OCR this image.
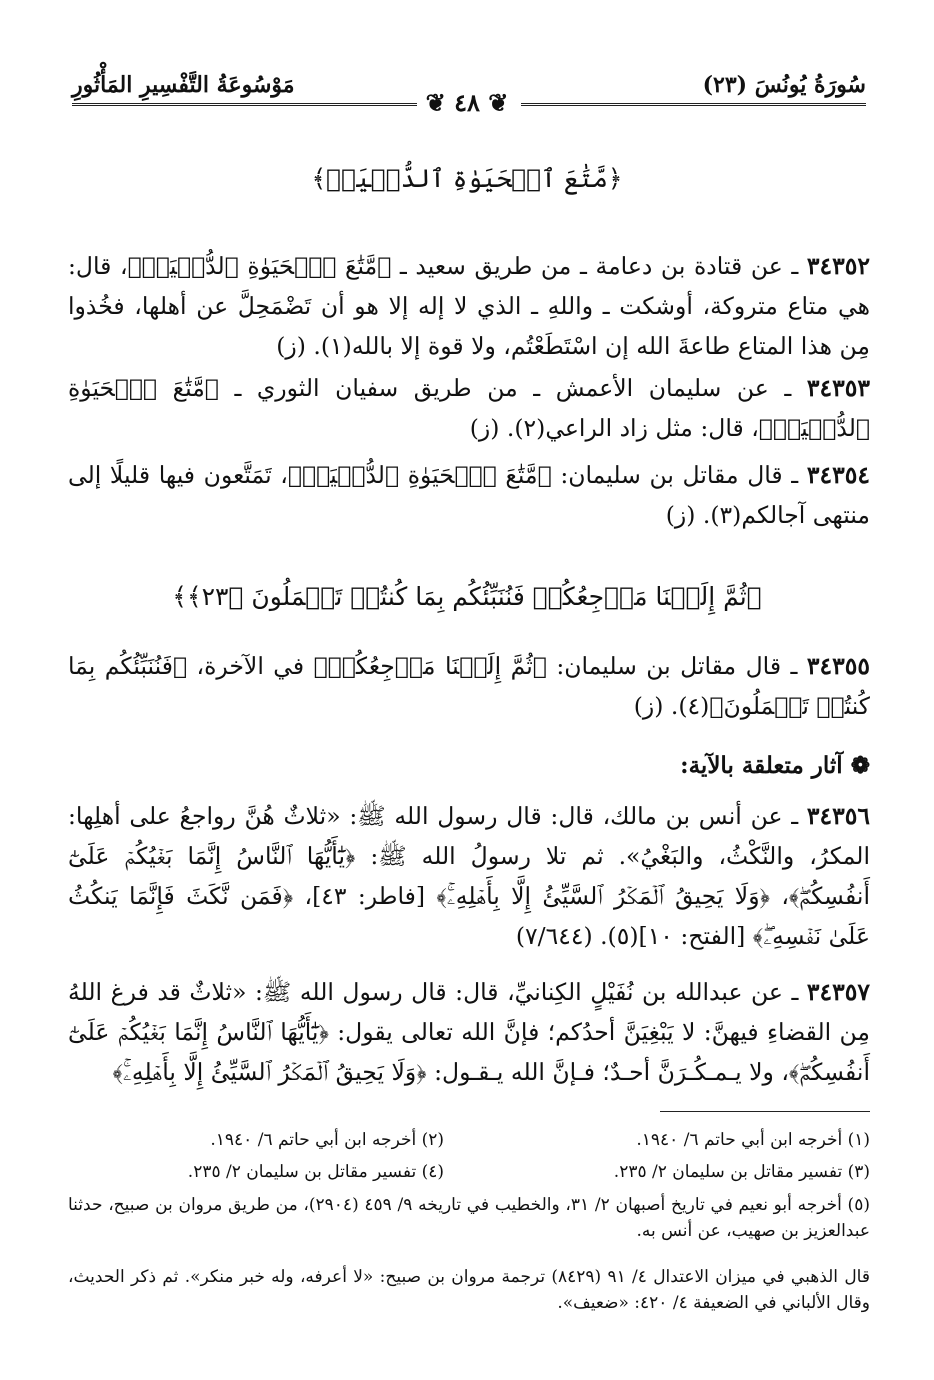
سُورَةُ يُونُسَ (٢٣)
مَوْسُوعَةُ التَّفْسِيرِ المَأْثُورِ
❦ ٤٨ ❦
﴿مَّتَٰعَ ٱلۡحَيَوٰةِ ٱلدُّنۡيَاۖ﴾
٣٤٣٥٢ ـ عن قتادة بن دعامة ـ من طريق سعيد ـ ﴿مَّتَٰعَ ٱلۡحَيَوٰةِ ٱلدُّنۡيَاۖ﴾، قال: هي متاع متروكة، أوشكت ـ واللهِ ـ الذي لا إله إلا هو أن تَضْمَحِلَّ عن أهلها، فخُذوا مِن هذا المتاع طاعةَ الله إن اسْتَطَعْتُم، ولا قوة إلا بالله(١). (ز)
٣٤٣٥٣ ـ عن سليمان الأعمش ـ من طريق سفيان الثوري ـ ﴿مَّتَٰعَ ٱلۡحَيَوٰةِ ٱلدُّنۡيَاۖ﴾، قال: مثل زاد الراعي(٢). (ز)
٣٤٣٥٤ ـ قال مقاتل بن سليمان: ﴿مَّتَٰعَ ٱلۡحَيَوٰةِ ٱلدُّنۡيَاۖ﴾، تَمَتَّعون فيها قليلًا إلى منتهى آجالكم(٣). (ز)
﴿ثُمَّ إِلَيۡنَا مَرۡجِعُكُمۡ فَنُنَبِّئُكُم بِمَا كُنتُمۡ تَعۡمَلُونَ ﴿٢٣﴾﴾
٣٤٣٥٥ ـ قال مقاتل بن سليمان: ﴿ثُمَّ إِلَيۡنَا مَرۡجِعُكُمۡ﴾ في الآخرة، ﴿فَنُنَبِّئُكُم بِمَا كُنتُمۡ تَعۡمَلُونَ﴾(٤). (ز)
❁ آثار متعلقة بالآية:
٣٤٣٥٦ ـ عن أنس بن مالك، قال: قال رسول الله ﷺ: «ثلاثٌ هُنَّ رواجعُ على أهلِها: المكرُ، والنَّكْثُ، والبَغْيُ». ثم تلا رسولُ الله ﷺ: ﴿يَٰٓأَيُّهَا ٱلنَّاسُ إِنَّمَا بَغۡيُكُمۡ عَلَىٰٓ أَنفُسِكُمۖ﴾، ﴿وَلَا يَحِيقُ ٱلۡمَكۡرُ ٱلسَّيِّئُ إِلَّا بِأَهۡلِهِۦۚ﴾ [فاطر: ٤٣]، ﴿فَمَن نَّكَثَ فَإِنَّمَا يَنكُثُ عَلَىٰ نَفۡسِهِۦۖ﴾ [الفتح: ١٠](٥). (٧/٦٤٤)
٣٤٣٥٧ ـ عن عبدالله بن نُفَيْلٍ الكِنانيِّ، قال: قال رسول الله ﷺ: «ثلاثٌ قد فرغ اللهُ مِن القضاءِ فيهنَّ: لا يَبْغِيَنَّ أحدُكم؛ فإنَّ الله تعالى يقول: ﴿يَٰٓأَيُّهَا ٱلنَّاسُ إِنَّمَا بَغۡيُكُمۡ عَلَىٰٓ أَنفُسِكُمۖ﴾، ولا يـمـكُـرَنَّ أحـدٌ؛ فـإنَّ الله يـقـول: ﴿وَلَا يَحِيقُ ٱلۡمَكۡرُ ٱلسَّيِّئُ إِلَّا بِأَهۡلِهِۦۚ﴾
(١) أخرجه ابن أبي حاتم ٦/ ١٩٤٠.
(٢) أخرجه ابن أبي حاتم ٦/ ١٩٤٠.
(٣) تفسير مقاتل بن سليمان ٢/ ٢٣٥.
(٤) تفسير مقاتل بن سليمان ٢/ ٢٣٥.
(٥) أخرجه أبو نعيم في تاريخ أصبهان ٢/ ٣١، والخطيب في تاريخه ٩/ ٤٥٩ (٢٩٠٤)، من طريق مروان بن صبيح، حدثنا عبدالعزيز بن صهيب، عن أنس به.
قال الذهبي في ميزان الاعتدال ٤/ ٩١ (٨٤٢٩) ترجمة مروان بن صبيح: «لا أعرفه، وله خبر منكر». ثم ذكر الحديث، وقال الألباني في الضعيفة ٤/ ٤٢٠: «ضعيف».
